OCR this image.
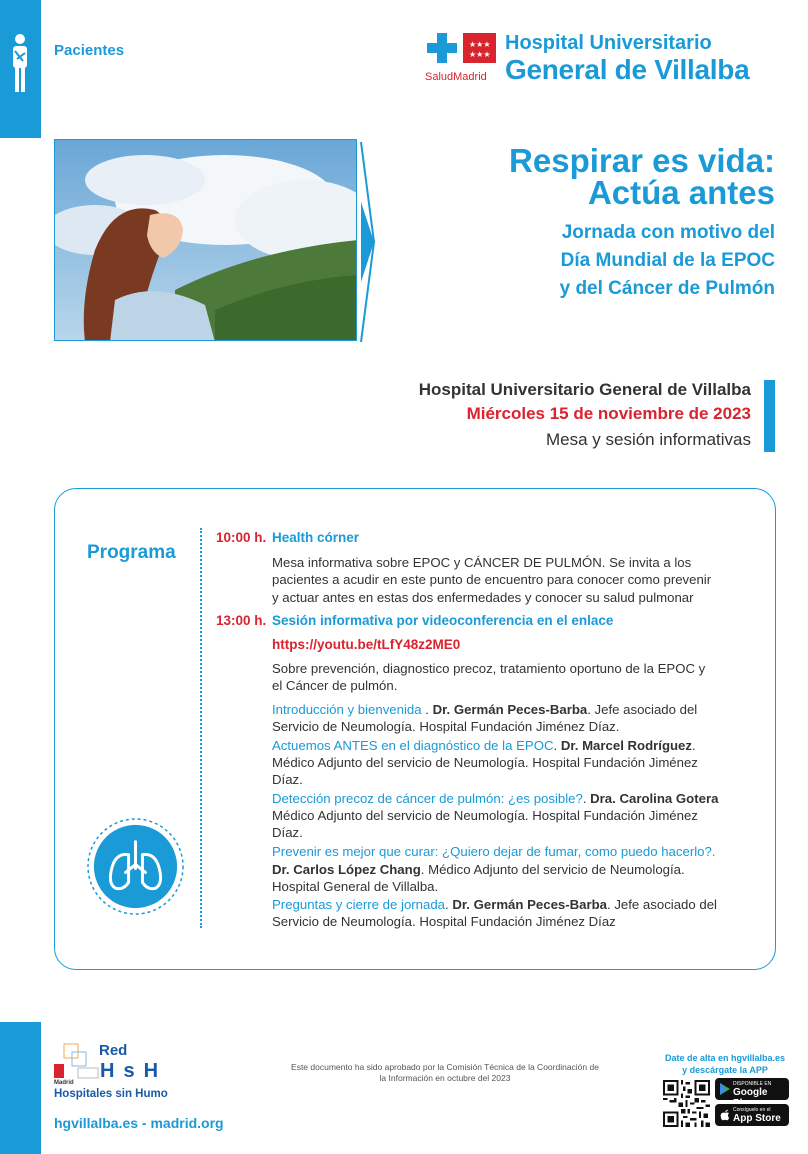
Pacientes	★★★
★★★
SaludMadrid
Hospital Universitario
General de Villalba
Respirar es vida:
Actúa antes
Jornada con motivo del
Día Mundial de la EPOC
y del Cáncer de Pulmón
Hospital Universitario General de Villalba
Miércoles 15 de noviembre de 2023
Mesa y sesión informativas
Programa
10:00 h. Health córner
Mesa informativa sobre EPOC y CÁNCER DE PULMÓN. Se invita a los
pacientes a acudir en este punto de encuentro para conocer como prevenir
y actuar antes en estas dos enfermedades y conocer su salud pulmonar
13:00 h. Sesión informativa por videoconferencia en el enlace
https://youtu.be/tLfY48z2ME0
Sobre prevención, diagnostico precoz, tratamiento oportuno de la EPOC y
el Cáncer de pulmón.
Introducción y bienvenida . Dr. Germán Peces-Barba. Jefe asociado del
Servicio de Neumología. Hospital Fundación Jiménez Díaz.
Actuemos ANTES en el diagnóstico de la EPOC. Dr. Marcel Rodríguez.
Médico Adjunto del servicio de Neumología. Hospital Fundación Jiménez
Díaz.
Detección precoz de cáncer de pulmón: ¿es posible?. Dra. Carolina Gotera
Médico Adjunto del servicio de Neumología. Hospital Fundación Jiménez
Díaz.
Prevenir es mejor que curar: ¿Quiero dejar de fumar, como puedo hacerlo?.
Dr. Carlos López Chang. Médico Adjunto del servicio de Neumología.
Hospital General de Villalba.
Preguntas y cierre de jornada. Dr. Germán Peces-Barba. Jefe asociado del
Servicio de Neumología. Hospital Fundación Jiménez Díaz
Red
HsH
Madrid
Hospitales sin Humo
hgvillalba.es - madrid.org
Este documento ha sido aprobado por la Comisión Técnica de la Coordinación de
la Información en octubre del 2023
Date de alta en hgvillalba.es
y descárgate la APP
DISPONIBLE EN
Google
Consíguelo en el
App Store
